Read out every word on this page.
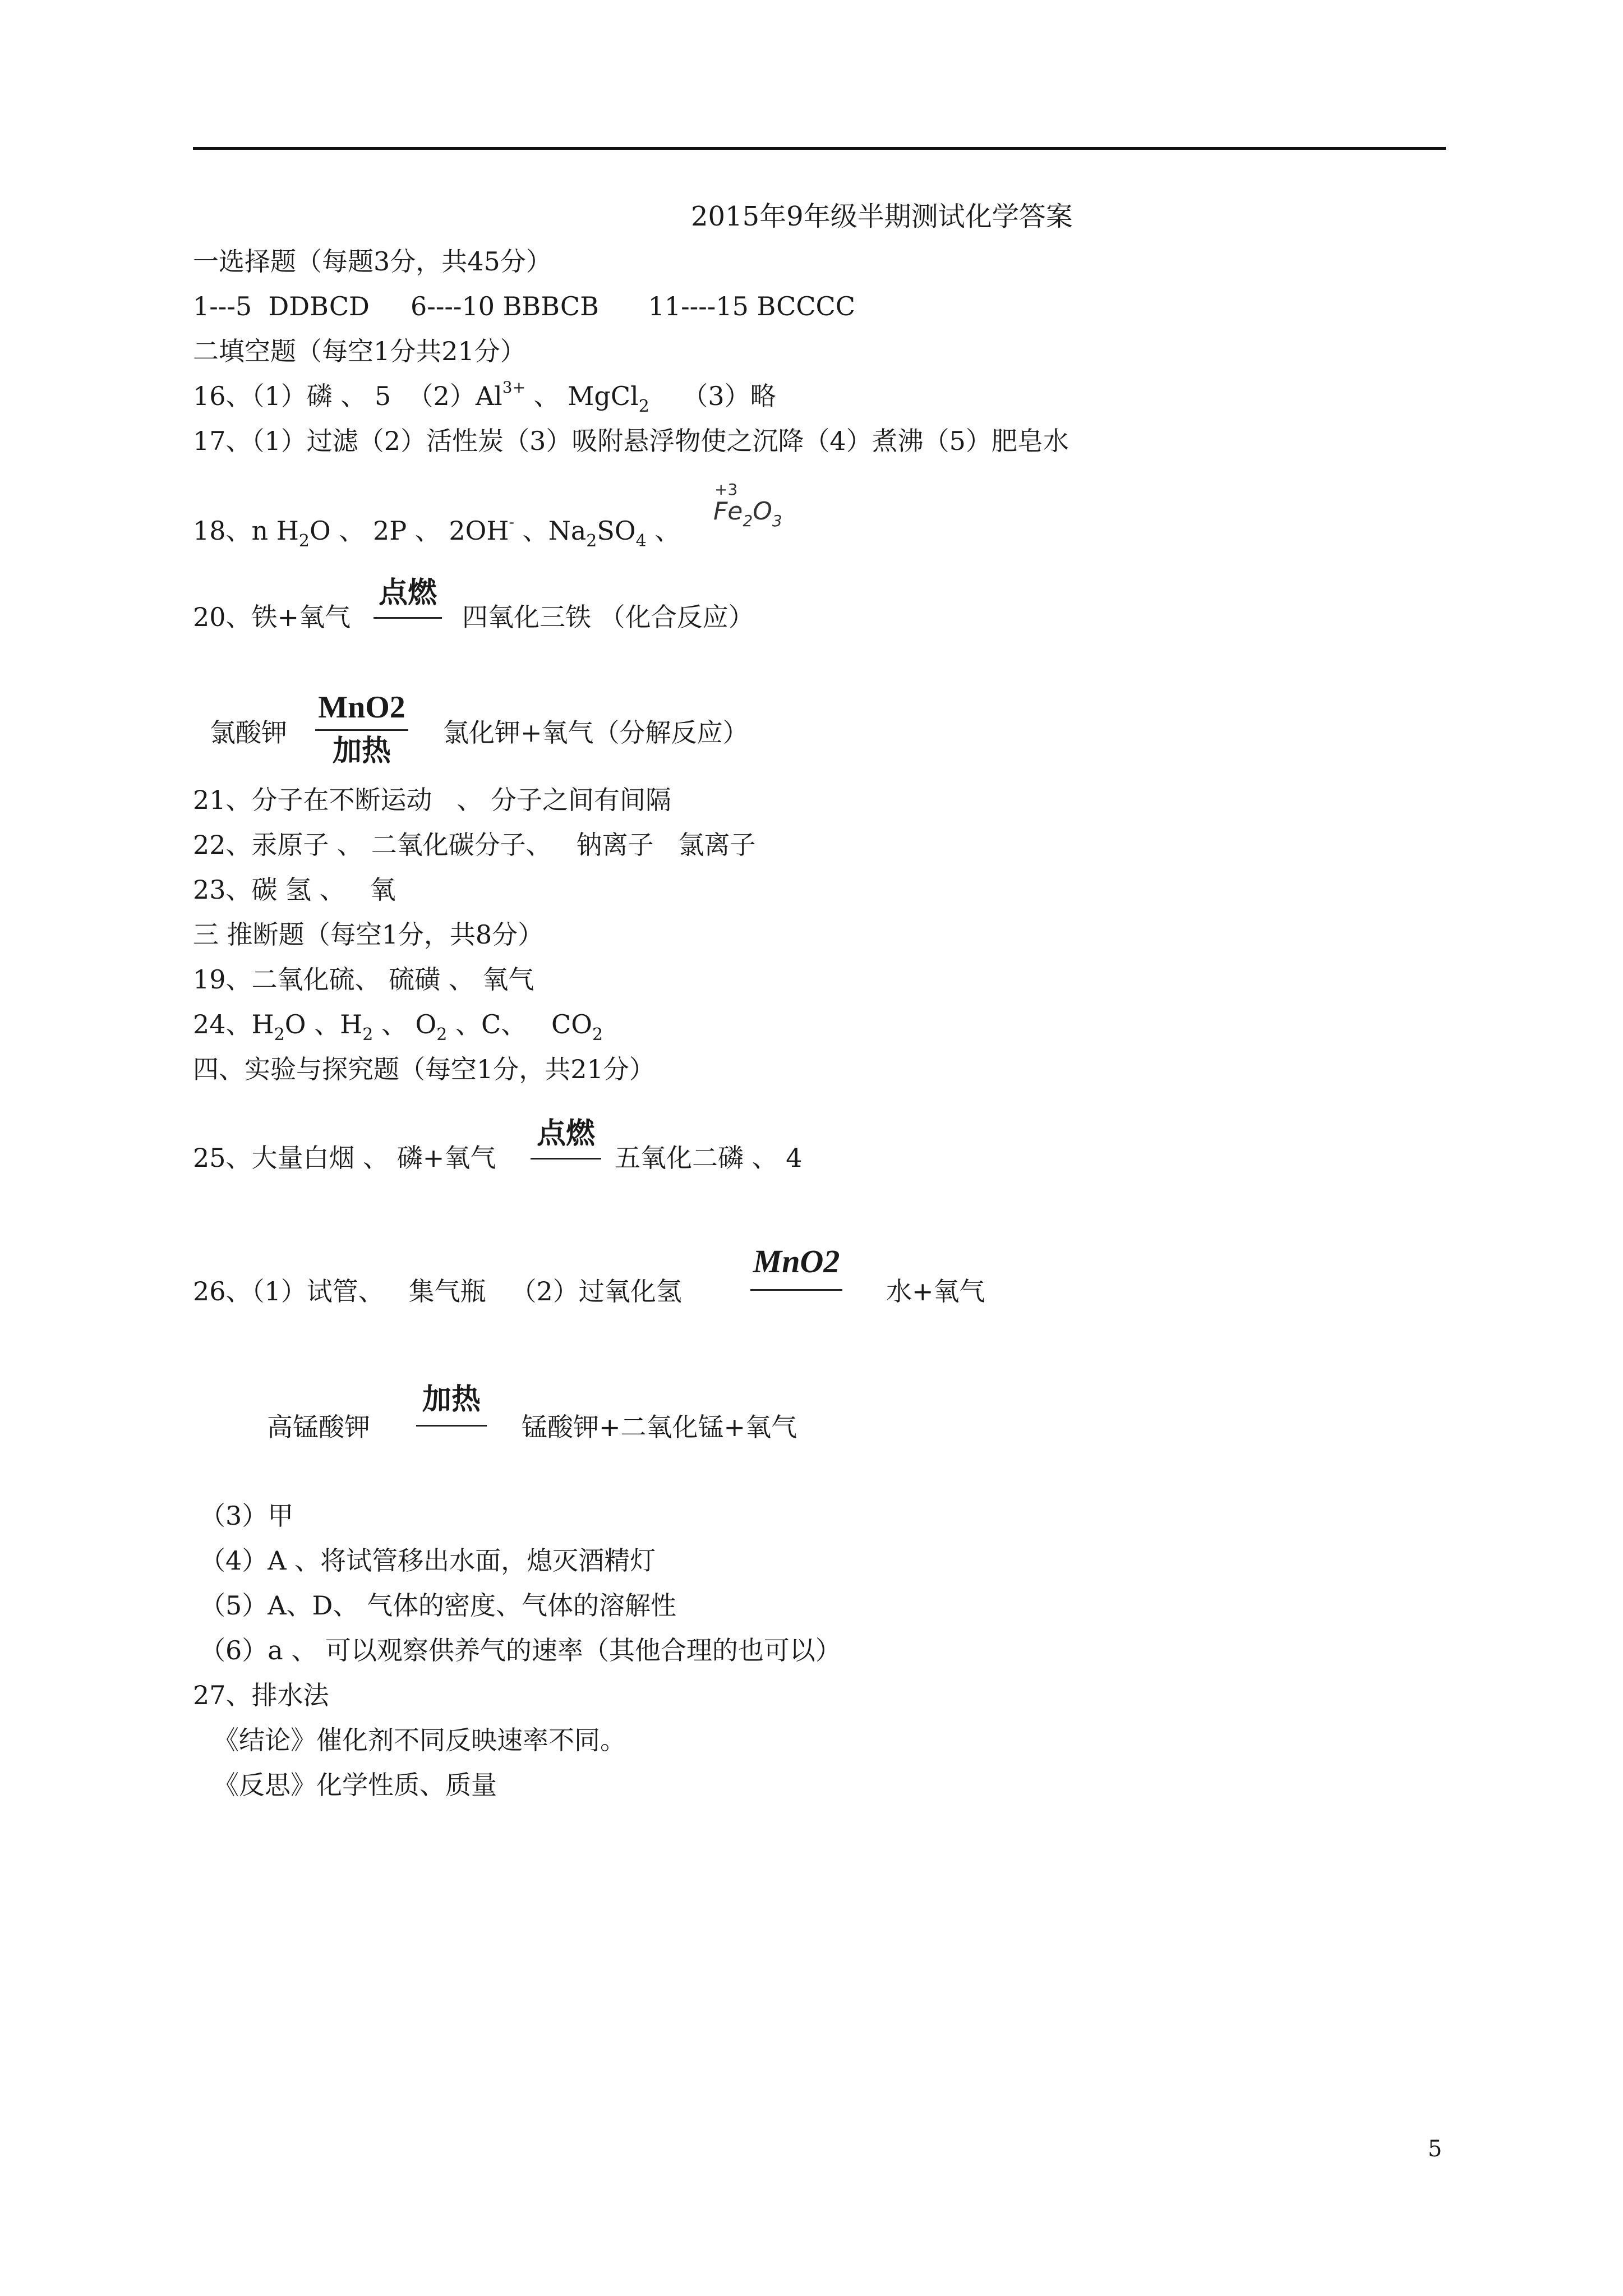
2015年9年级半期测试化学答案
一选择题（每题3分，共45分）
1---5  DDBCD     6----10 BBBCB      11----15 BCCCC
二填空题（每空1分共21分）
16、（1）磷 、 5  $(2)Al^{3+}$ 、 MgCl$_2$    （3）略
17、（1）过滤（2）活性炭（3）吸附悬浮物使之沉降（4）煮沸（5）肥皂水
18、n $H_2O$ 、 2P 、 2OH- 、$Na_2SO_4$ 、
+3
$Fe_2O_3$
20、铁+氧气
点燃
四氧化三铁 （化合反应）
氯酸钾
MnO2
加热
氯化钾+氧气（分解反应）
21、分子在不断运动   、 分子之间有间隔
22、汞原子 、 二氧化碳分子、   钠离子   氯离子
23、碳 氢 、   氧
三 推断题（每空1分，共8分）
19、二氧化硫、 硫磺 、 氧气
24、$H_2O$ 、$H_2$ 、 $O_2$ 、C、   $CO_2$
四、实验与探究题（每空1分，共21分）
25、大量白烟 、 磷+氧气
点燃
五氧化二磷 、 4
26、（1）试管、   集气瓶   （2）过氧化氢
MnO2
水+氧气
高锰酸钾
加热
锰酸钾+二氧化锰+氧气
（3）甲
（4）A 、将试管移出水面，熄灭酒精灯
（5）A、D、 气体的密度、气体的溶解性
（6）a 、 可以观察供养气的速率（其他合理的也可以）
27、排水法
《结论》催化剂不同反映速率不同。
《反思》化学性质、质量
5
